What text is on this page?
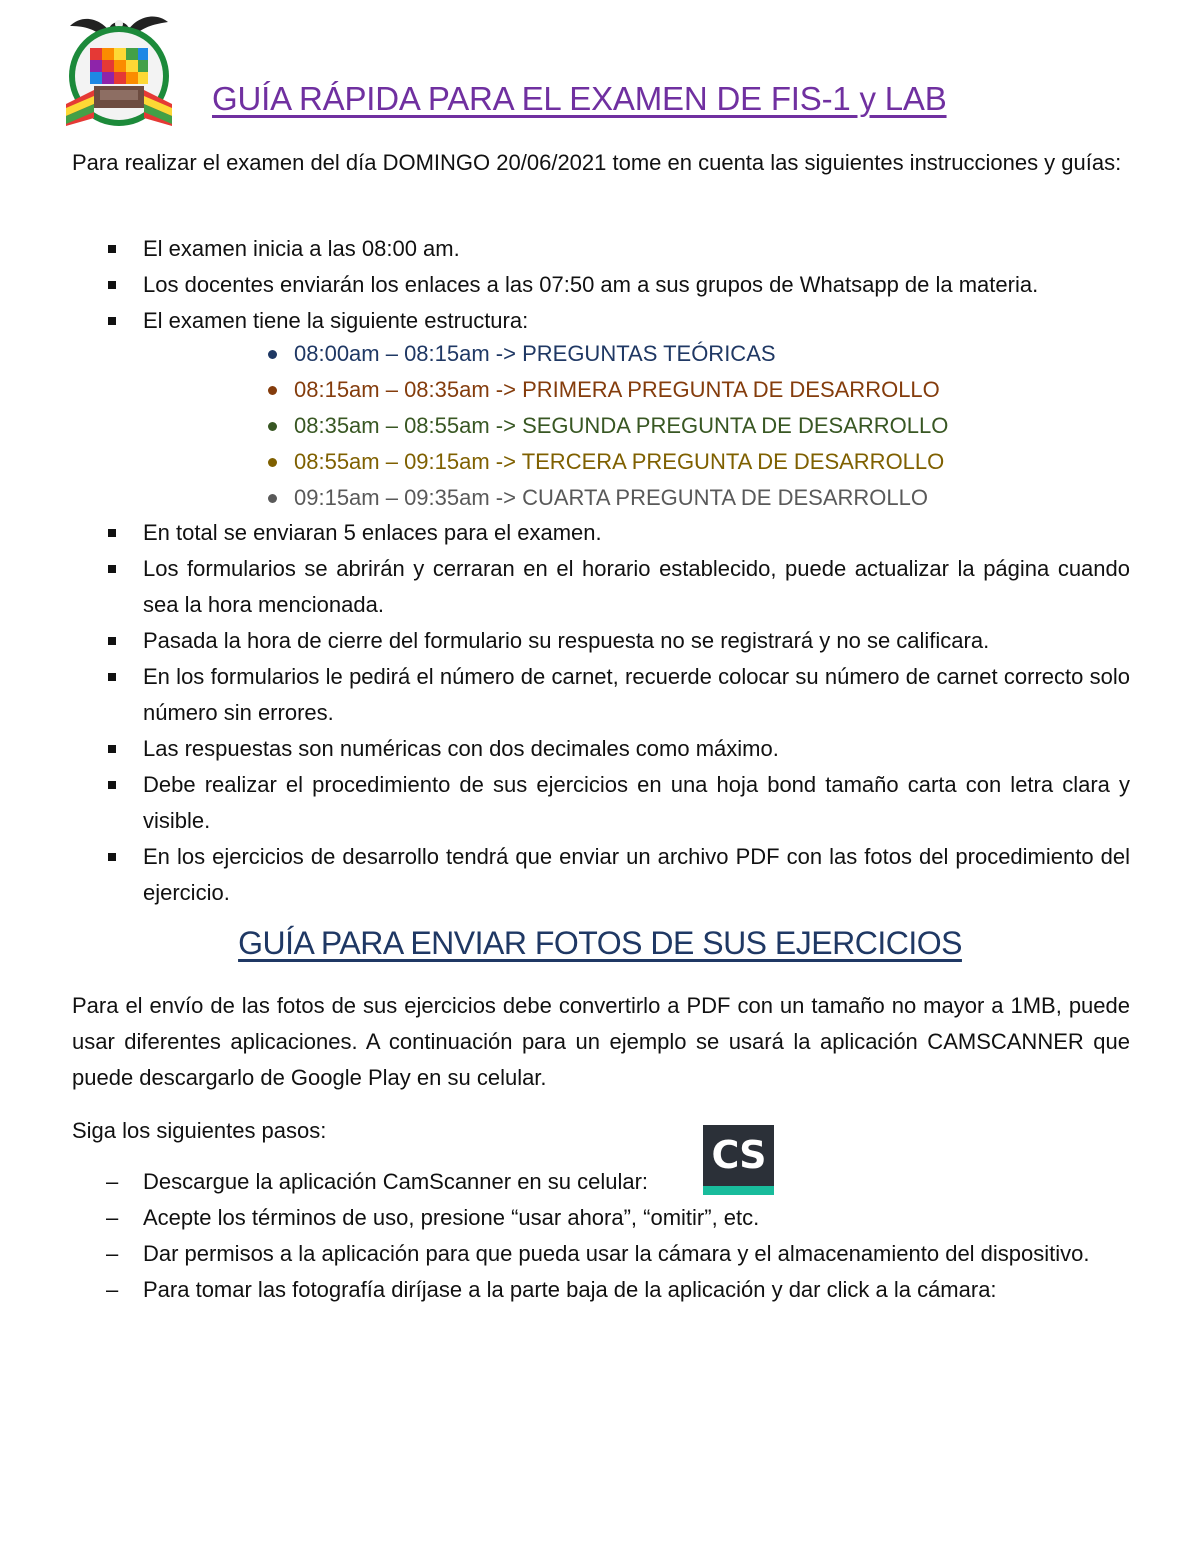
GUÍA RÁPIDA PARA EL EXAMEN DE FIS-1 y LAB
Para realizar el examen del día DOMINGO 20/06/2021 tome en cuenta las siguientes instrucciones y guías:
El examen inicia a las 08:00 am.
Los docentes enviarán los enlaces a las 07:50 am a sus grupos de Whatsapp de la materia.
El examen tiene la siguiente estructura:
08:00am – 08:15am -> PREGUNTAS TEÓRICAS
08:15am – 08:35am -> PRIMERA PREGUNTA DE DESARROLLO
08:35am – 08:55am -> SEGUNDA PREGUNTA DE DESARROLLO
08:55am – 09:15am -> TERCERA PREGUNTA DE DESARROLLO
09:15am – 09:35am -> CUARTA PREGUNTA DE DESARROLLO
En total se enviaran 5 enlaces para el examen.
Los formularios se abrirán y cerraran en el horario establecido, puede actualizar la página cuando sea la hora mencionada.
Pasada la hora de cierre del formulario su respuesta no se registrará y no se calificara.
En los formularios le pedirá el número de carnet, recuerde colocar su número de carnet correcto solo número sin errores.
Las respuestas son numéricas con dos decimales como máximo.
Debe realizar el procedimiento de sus ejercicios en una hoja bond tamaño carta con letra clara y visible.
En los ejercicios de desarrollo tendrá que enviar un archivo PDF con las fotos del procedimiento del ejercicio.
GUÍA PARA ENVIAR FOTOS DE SUS EJERCICIOS
Para el envío de las fotos de sus ejercicios debe convertirlo a PDF con un tamaño no mayor a 1MB, puede usar diferentes aplicaciones. A continuación para un ejemplo se usará la aplicación CAMSCANNER que puede descargarlo de Google Play en su celular.
Siga los siguientes pasos:
– Descargue la aplicación CamScanner en su celular:
– Acepte los términos de uso, presione “usar ahora”, “omitir”, etc.
– Dar permisos a la aplicación para que pueda usar la cámara y el almacenamiento del dispositivo.
– Para tomar las fotografía diríjase a la parte baja de la aplicación y dar click a la cámara:
CS
